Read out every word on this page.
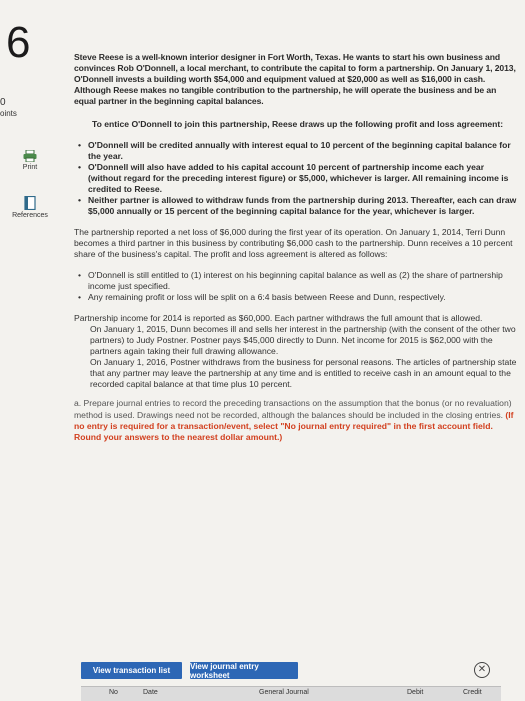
6
0
oints
Print
References

Steve Reese is a well-known interior designer in Fort Worth, Texas. He wants to start his own business and convinces Rob O'Donnell, a local merchant, to contribute the capital to form a partnership. On January 1, 2013, O'Donnell invests a building worth $54,000 and equipment valued at $20,000 as well as $16,000 in cash. Although Reese makes no tangible contribution to the partnership, he will operate the business and be an equal partner in the beginning capital balances.

To entice O'Donnell to join this partnership, Reese draws up the following profit and loss agreement:

• O'Donnell will be credited annually with interest equal to 10 percent of the beginning capital balance for the year.
• O'Donnell will also have added to his capital account 10 percent of partnership income each year (without regard for the preceding interest figure) or $5,000, whichever is larger. All remaining income is credited to Reese.
• Neither partner is allowed to withdraw funds from the partnership during 2013. Thereafter, each can draw $5,000 annually or 15 percent of the beginning capital balance for the year, whichever is larger.

The partnership reported a net loss of $6,000 during the first year of its operation. On January 1, 2014, Terri Dunn becomes a third partner in this business by contributing $6,000 cash to the partnership. Dunn receives a 10 percent share of the business's capital. The profit and loss agreement is altered as follows:

• O'Donnell is still entitled to (1) interest on his beginning capital balance as well as (2) the share of partnership income just specified.
• Any remaining profit or loss will be split on a 6:4 basis between Reese and Dunn, respectively.

Partnership income for 2014 is reported as $60,000. Each partner withdraws the full amount that is allowed.

On January 1, 2015, Dunn becomes ill and sells her interest in the partnership (with the consent of the other two partners) to Judy Postner. Postner pays $45,000 directly to Dunn. Net income for 2015 is $62,000 with the partners again taking their full drawing allowance.

On January 1, 2016, Postner withdraws from the business for personal reasons. The articles of partnership state that any partner may leave the partnership at any time and is entitled to receive cash in an amount equal to the recorded capital balance at that time plus 10 percent.

a. Prepare journal entries to record the preceding transactions on the assumption that the bonus (or no revaluation) method is used. Drawings need not be recorded, although the balances should be included in the closing entries. (If no entry is required for a transaction/event, select "No journal entry required" in the first account field. Round your answers to the nearest dollar amount.)

View transaction list	View journal entry worksheet	✕
No	Date	General Journal	Debit	Credit
